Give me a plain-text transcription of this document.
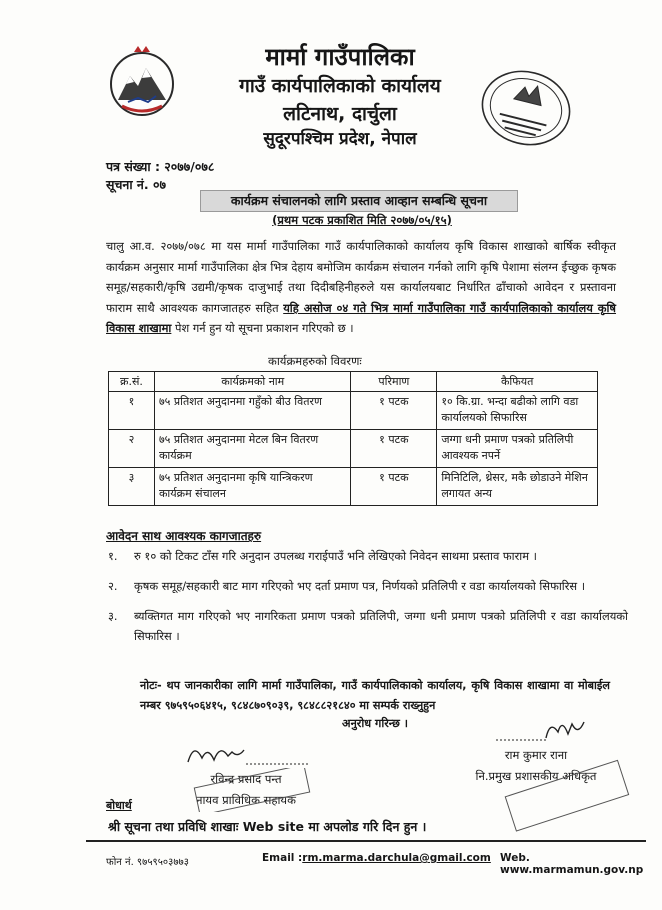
मार्मा गाउँपालिका
गाउँ कार्यपालिकाको कार्यालय
लटिनाथ, दार्चुला
सुदूरपश्चिम प्रदेश, नेपाल
पत्र संख्या : २०७७/०७८
सूचना नं. ०७
कार्यक्रम संचालनको लागि प्रस्ताव आव्हान सम्बन्धि सूचना
(प्रथम पटक प्रकाशित मिति २०७७/०५/१५)

चालु आ.व. २०७७/०७८ मा यस मार्मा गाउँपालिका गाउँ कार्यपालिकाको कार्यालय कृषि विकास शाखाको बार्षिक स्वीकृत कार्यक्रम अनुसार मार्मा गाउँपालिका क्षेत्र भित्र देहाय बमोजिम कार्यक्रम संचालन गर्नको लागि कृषि पेशामा संलग्न ईच्छुक कृषक समूह/सहकारी/कृषि उद्यमी/कृषक दाजुभाई तथा दिदीबहिनीहरुले यस कार्यालयबाट निर्धारित ढाँचाको आवेदन र प्रस्तावना फाराम साथै आवश्यक कागजातहरु सहित यहि असोज ०४ गते भित्र मार्मा गाउँपालिका गाउँ कार्यपालिकाको कार्यालय कृषि विकास शाखामा पेश गर्न हुन यो सूचना प्रकाशन गरिएको छ ।

कार्यक्रमहरुको विवरणः
क्र.सं.	कार्यक्रमको नाम	परिमाण	कैफियत
१	७५ प्रतिशत अनुदानमा गहुँको बीउ वितरण	१ पटक	१० कि.ग्रा. भन्दा बढीको लागि वडा कार्यालयको सिफारिस
२	७५ प्रतिशत अनुदानमा मेटल बिन वितरण कार्यक्रम	१ पटक	जग्गा धनी प्रमाण पत्रको प्रतिलिपी आवश्यक नपर्ने
३	७५ प्रतिशत अनुदानमा कृषि यान्त्रिकरण कार्यक्रम संचालन	१ पटक	मिनिटिलि, थ्रेसर, मकै छोडाउने मेशिन लगायत अन्य
आवेदन साथ आवश्यक कागजातहरु
१.	रु १० को टिकट टाँस गरि अनुदान उपलब्ध गराईपाउँ भनि लेखिएको निवेदन साथमा प्रस्ताव फाराम ।
२.	कृषक समूह/सहकारी बाट माग गरिएको भए दर्ता प्रमाण पत्र, निर्णयको प्रतिलिपी र वडा कार्यालयको सिफारिस ।
३.	ब्यक्तिगत माग गरिएको भए नागरिकता प्रमाण पत्रको प्रतिलिपी, जग्गा धनी प्रमाण पत्रको प्रतिलिपी र वडा कार्यालयको सिफारिस ।

नोटः- थप जानकारीका लागि मार्मा गाउँपालिका, गाउँ कार्यपालिकाको कार्यालय, कृषि विकास शाखामा वा मोबाईल नम्बर ९७५९५०६४१५, ९८४८७०९०३९, ९८४८८२१८४० मा सम्पर्क राख्नुहुन

अनुरोध गरिन्छ ।
रविन्द्र प्रसाद पन्त
नायव प्राविधिक सहायक
राम कुमार राना
नि.प्रमुख प्रशासकीय अधिकृत
बोधार्थ
श्री सूचना तथा प्रविधि शाखाः Web site मा अपलोड गरि दिन हुन ।
फोन नं. ९७५९५०३७७३	Email :rm.marma.darchula@gmail.com Web. www.marmamun.gov.np
